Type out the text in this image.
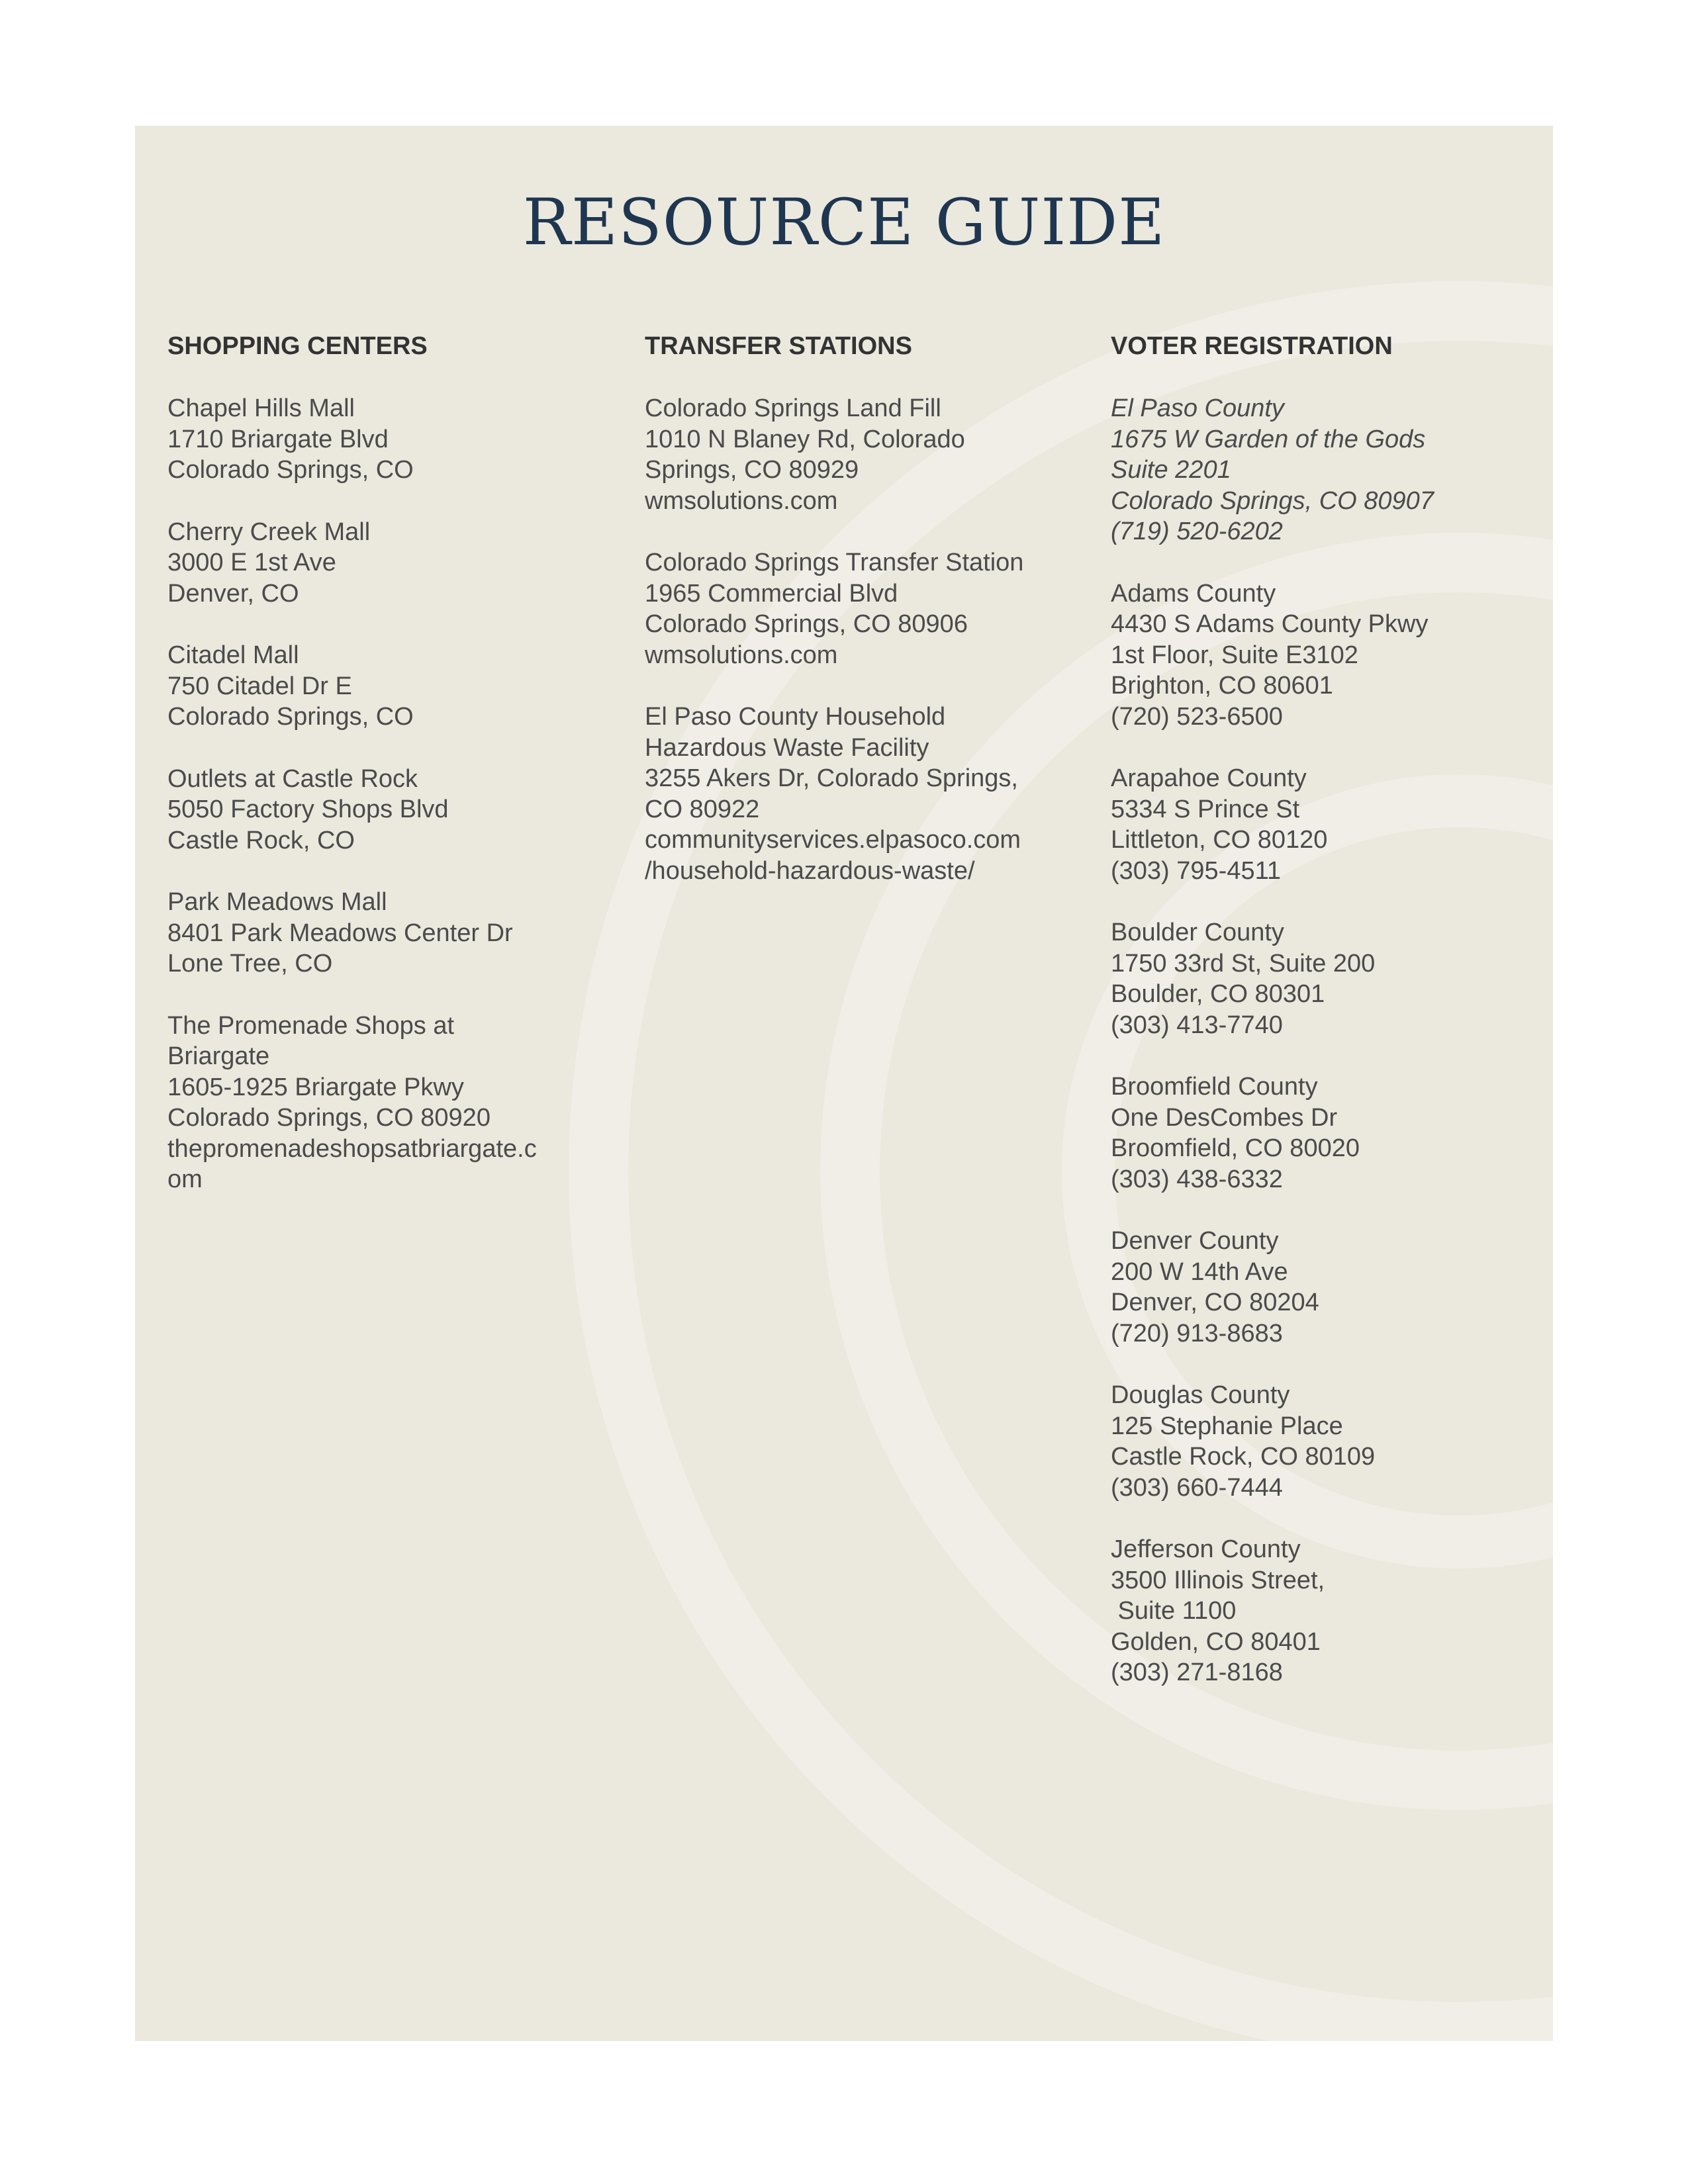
RESOURCE GUIDE
SHOPPING CENTERS
Chapel Hills Mall
1710 Briargate Blvd
Colorado Springs, CO
Cherry Creek Mall
3000 E 1st Ave
Denver, CO
Citadel Mall
750 Citadel Dr E
Colorado Springs, CO
Outlets at Castle Rock
5050 Factory Shops Blvd
Castle Rock, CO
Park Meadows Mall
8401 Park Meadows Center Dr
Lone Tree, CO
The Promenade Shops at
Briargate
1605-1925 Briargate Pkwy
Colorado Springs, CO 80920
thepromenadeshopsatbriargate.c
om
TRANSFER STATIONS
Colorado Springs Land Fill
1010 N Blaney Rd, Colorado
Springs, CO 80929
wmsolutions.com
Colorado Springs Transfer Station
1965 Commercial Blvd
Colorado Springs, CO 80906
wmsolutions.com
El Paso County Household
Hazardous Waste Facility
3255 Akers Dr, Colorado Springs,
CO 80922
communityservices.elpasoco.com
/household-hazardous-waste/
VOTER REGISTRATION
El Paso County
1675 W Garden of the Gods
Suite 2201
Colorado Springs, CO 80907
(719) 520-6202
Adams County
4430 S Adams County Pkwy
1st Floor, Suite E3102
Brighton, CO 80601
(720) 523-6500
Arapahoe County
5334 S Prince St
Littleton, CO 80120
(303) 795-4511
Boulder County
1750 33rd St, Suite 200
Boulder, CO 80301
(303) 413-7740
Broomfield County
One DesCombes Dr
Broomfield, CO 80020
(303) 438-6332
Denver County
200 W 14th Ave
Denver, CO 80204
(720) 913-8683
Douglas County
125 Stephanie Place
Castle Rock, CO 80109
(303) 660-7444
Jefferson County
3500 Illinois Street,
Suite 1100
Golden, CO 80401
(303) 271-8168
